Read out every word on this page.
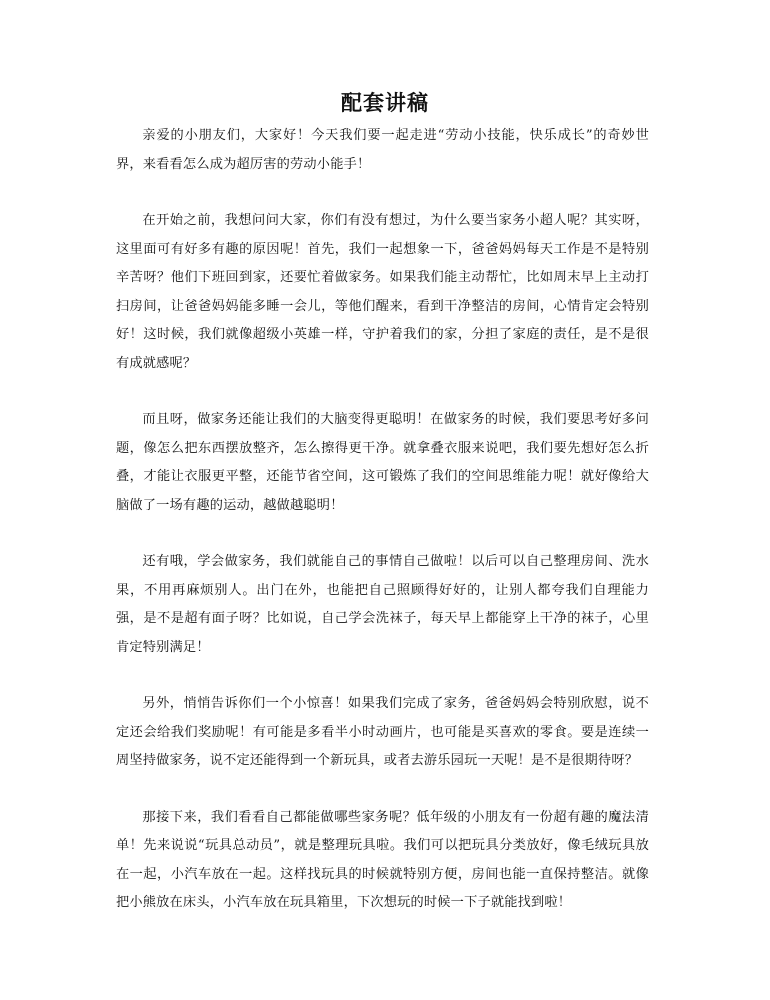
配套讲稿

亲爱的小朋友们，大家好！今天我们要一起走进“劳动小技能，快乐成长”的奇妙世界，来看看怎么成为超厉害的劳动小能手！

在开始之前，我想问问大家，你们有没有想过，为什么要当家务小超人呢？其实呀，这里面可有好多有趣的原因呢！首先，我们一起想象一下，爸爸妈妈每天工作是不是特别辛苦呀？他们下班回到家，还要忙着做家务。如果我们能主动帮忙，比如周末早上主动打扫房间，让爸爸妈妈能多睡一会儿，等他们醒来，看到干净整洁的房间，心情肯定会特别好！这时候，我们就像超级小英雄一样，守护着我们的家，分担了家庭的责任，是不是很有成就感呢？

而且呀，做家务还能让我们的大脑变得更聪明！在做家务的时候，我们要思考好多问题，像怎么把东西摆放整齐，怎么擦得更干净。就拿叠衣服来说吧，我们要先想好怎么折叠，才能让衣服更平整，还能节省空间，这可锻炼了我们的空间思维能力呢！就好像给大脑做了一场有趣的运动，越做越聪明！

还有哦，学会做家务，我们就能自己的事情自己做啦！以后可以自己整理房间、洗水果，不用再麻烦别人。出门在外，也能把自己照顾得好好的，让别人都夸我们自理能力强，是不是超有面子呀？比如说，自己学会洗袜子，每天早上都能穿上干净的袜子，心里肯定特别满足！

另外，悄悄告诉你们一个小惊喜！如果我们完成了家务，爸爸妈妈会特别欣慰，说不定还会给我们奖励呢！有可能是多看半小时动画片，也可能是买喜欢的零食。要是连续一周坚持做家务，说不定还能得到一个新玩具，或者去游乐园玩一天呢！是不是很期待呀？

那接下来，我们看看自己都能做哪些家务呢？低年级的小朋友有一份超有趣的魔法清单！先来说说“玩具总动员”，就是整理玩具啦。我们可以把玩具分类放好，像毛绒玩具放在一起，小汽车放在一起。这样找玩具的时候就特别方便，房间也能一直保持整洁。就像把小熊放在床头，小汽车放在玩具箱里，下次想玩的时候一下子就能找到啦！
